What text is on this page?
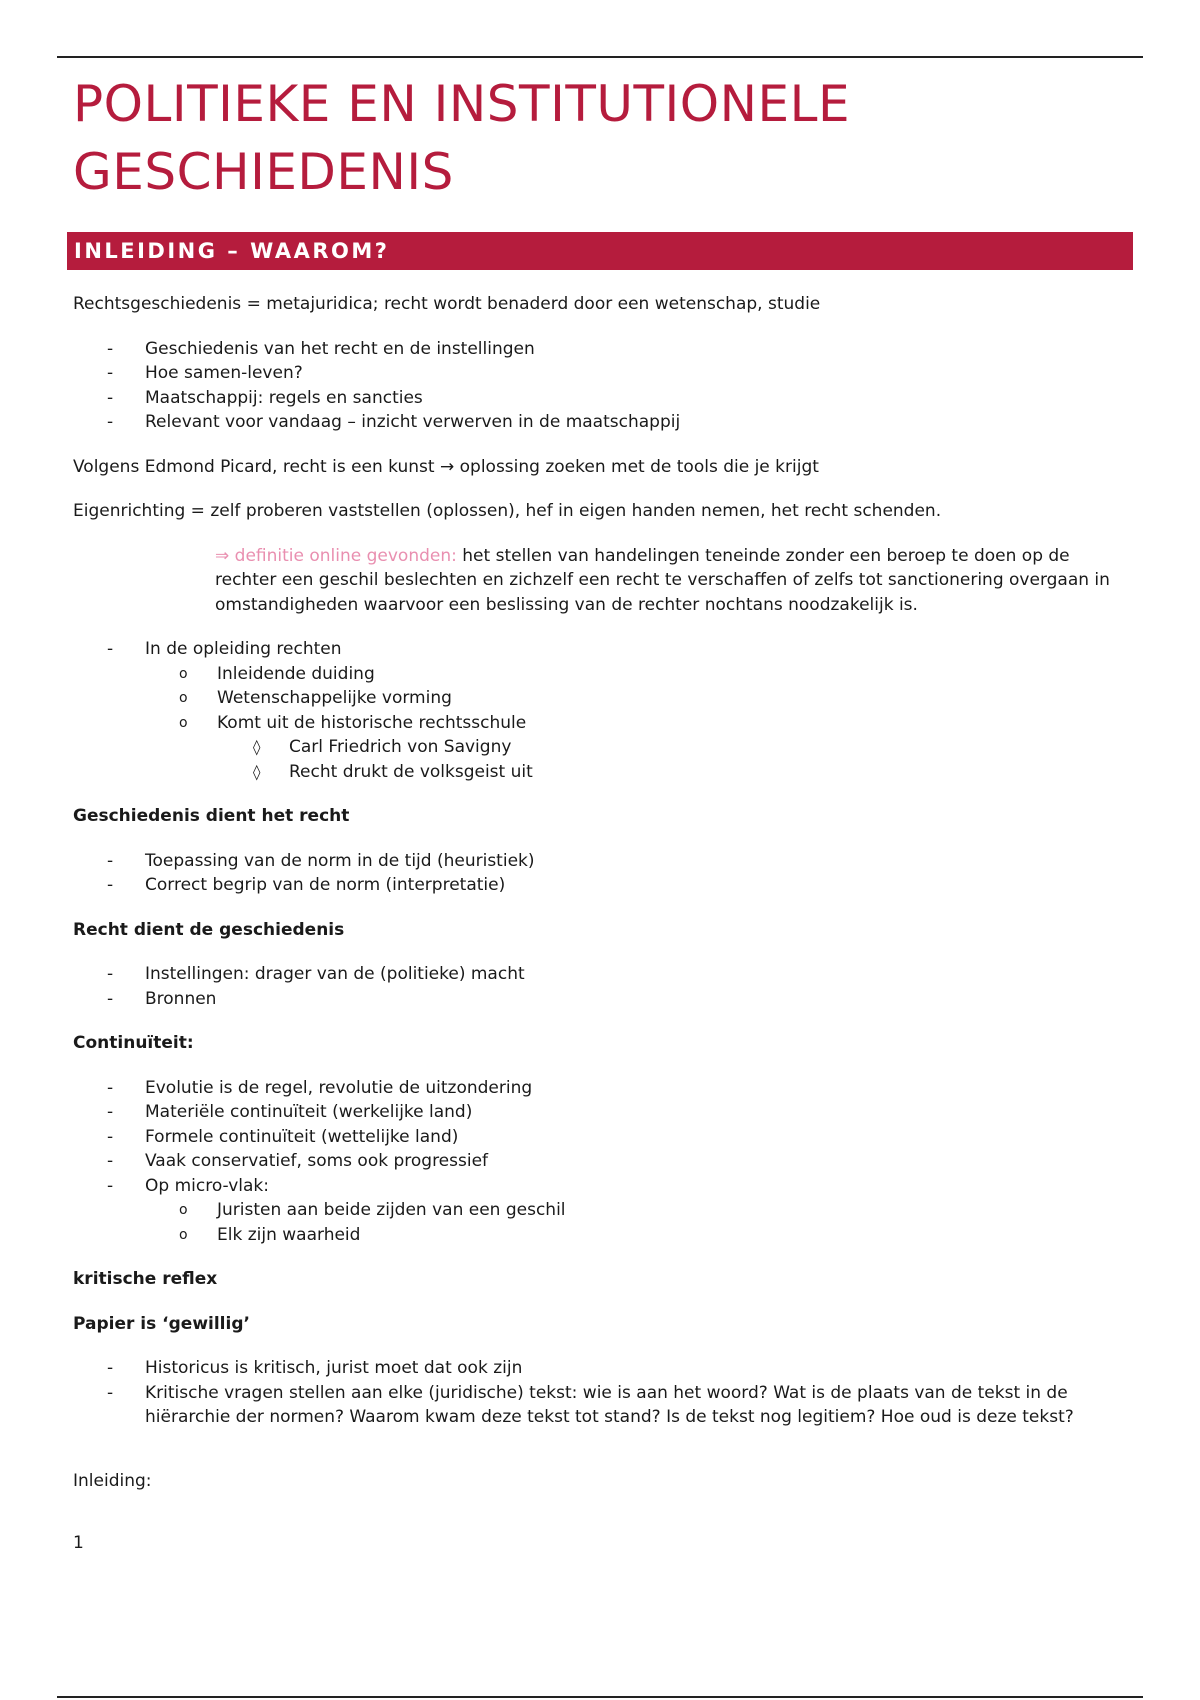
POLITIEKE EN INSTITUTIONELE
GESCHIEDENIS
INLEIDING – WAAROM?

Rechtsgeschiedenis = metajuridica; recht wordt benaderd door een wetenschap, studie

- Geschiedenis van het recht en de instellingen
- Hoe samen-leven?
- Maatschappij: regels en sancties
- Relevant voor vandaag – inzicht verwerven in de maatschappij

Volgens Edmond Picard, recht is een kunst → oplossing zoeken met de tools die je krijgt

Eigenrichting = zelf proberen vaststellen (oplossen), hef in eigen handen nemen, het recht schenden.

⇒ definitie online gevonden: het stellen van handelingen teneinde zonder een beroep te doen op de rechter een geschil beslechten en zichzelf een recht te verschaffen of zelfs tot sanctionering overgaan in omstandigheden waarvoor een beslissing van de rechter nochtans noodzakelijk is.

- In de opleiding rechten
o Inleidende duiding
o Wetenschappelijke vorming
o Komt uit de historische rechtsschule
◊ Carl Friedrich von Savigny
◊ Recht drukt de volksgeist uit

Geschiedenis dient het recht

- Toepassing van de norm in de tijd (heuristiek)
- Correct begrip van de norm (interpretatie)

Recht dient de geschiedenis

- Instellingen: drager van de (politieke) macht
- Bronnen

Continuïteit:

- Evolutie is de regel, revolutie de uitzondering
- Materiële continuïteit (werkelijke land)
- Formele continuïteit (wettelijke land)
- Vaak conservatief, soms ook progressief
- Op micro-vlak:
o Juristen aan beide zijden van een geschil
o Elk zijn waarheid

kritische reflex

Papier is ‘gewillig’

- Historicus is kritisch, jurist moet dat ook zijn
- Kritische vragen stellen aan elke (juridische) tekst: wie is aan het woord? Wat is de plaats van de tekst in de hiërarchie der normen? Waarom kwam deze tekst tot stand? Is de tekst nog legitiem? Hoe oud is deze tekst?

Inleiding:

1
